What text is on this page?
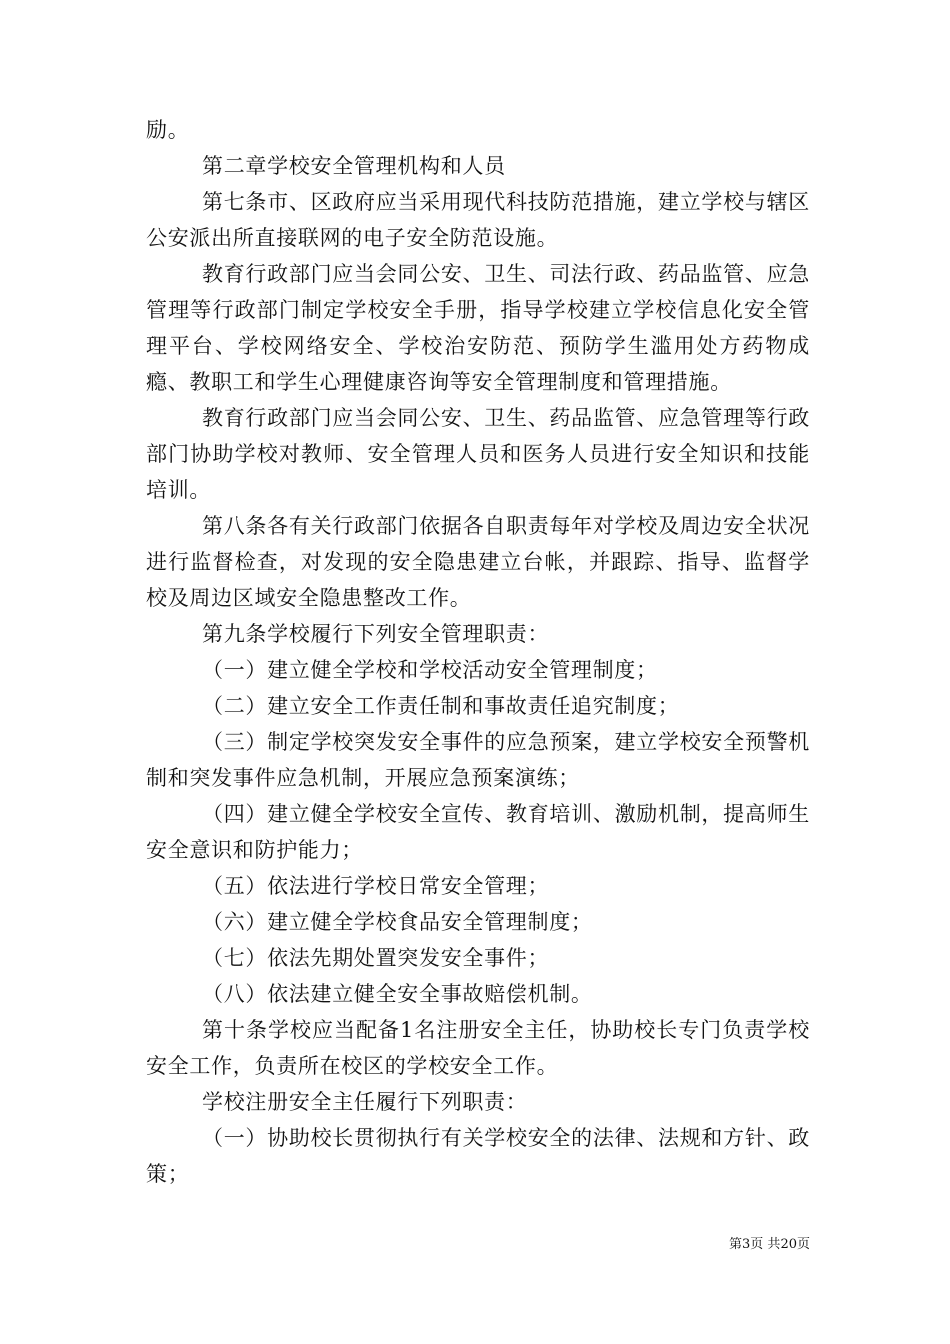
励。

第二章学校安全管理机构和人员

第七条市、区政府应当采用现代科技防范措施，建立学校与辖区公安派出所直接联网的电子安全防范设施。

教育行政部门应当会同公安、卫生、司法行政、药品监管、应急管理等行政部门制定学校安全手册，指导学校建立学校信息化安全管理平台、学校网络安全、学校治安防范、预防学生滥用处方药物成瘾、教职工和学生心理健康咨询等安全管理制度和管理措施。

教育行政部门应当会同公安、卫生、药品监管、应急管理等行政部门协助学校对教师、安全管理人员和医务人员进行安全知识和技能培训。

第八条各有关行政部门依据各自职责每年对学校及周边安全状况进行监督检查，对发现的安全隐患建立台帐，并跟踪、指导、监督学校及周边区域安全隐患整改工作。

第九条学校履行下列安全管理职责：

（一）建立健全学校和学校活动安全管理制度；

（二）建立安全工作责任制和事故责任追究制度；

（三）制定学校突发安全事件的应急预案，建立学校安全预警机制和突发事件应急机制，开展应急预案演练；

（四）建立健全学校安全宣传、教育培训、激励机制，提高师生安全意识和防护能力；

（五）依法进行学校日常安全管理；

（六）建立健全学校食品安全管理制度；

（七）依法先期处置突发安全事件；

（八）依法建立健全安全事故赔偿机制。

第十条学校应当配备1名注册安全主任，协助校长专门负责学校安全工作，负责所在校区的学校安全工作。

学校注册安全主任履行下列职责：

（一）协助校长贯彻执行有关学校安全的法律、法规和方针、政策；

第3页 共20页
